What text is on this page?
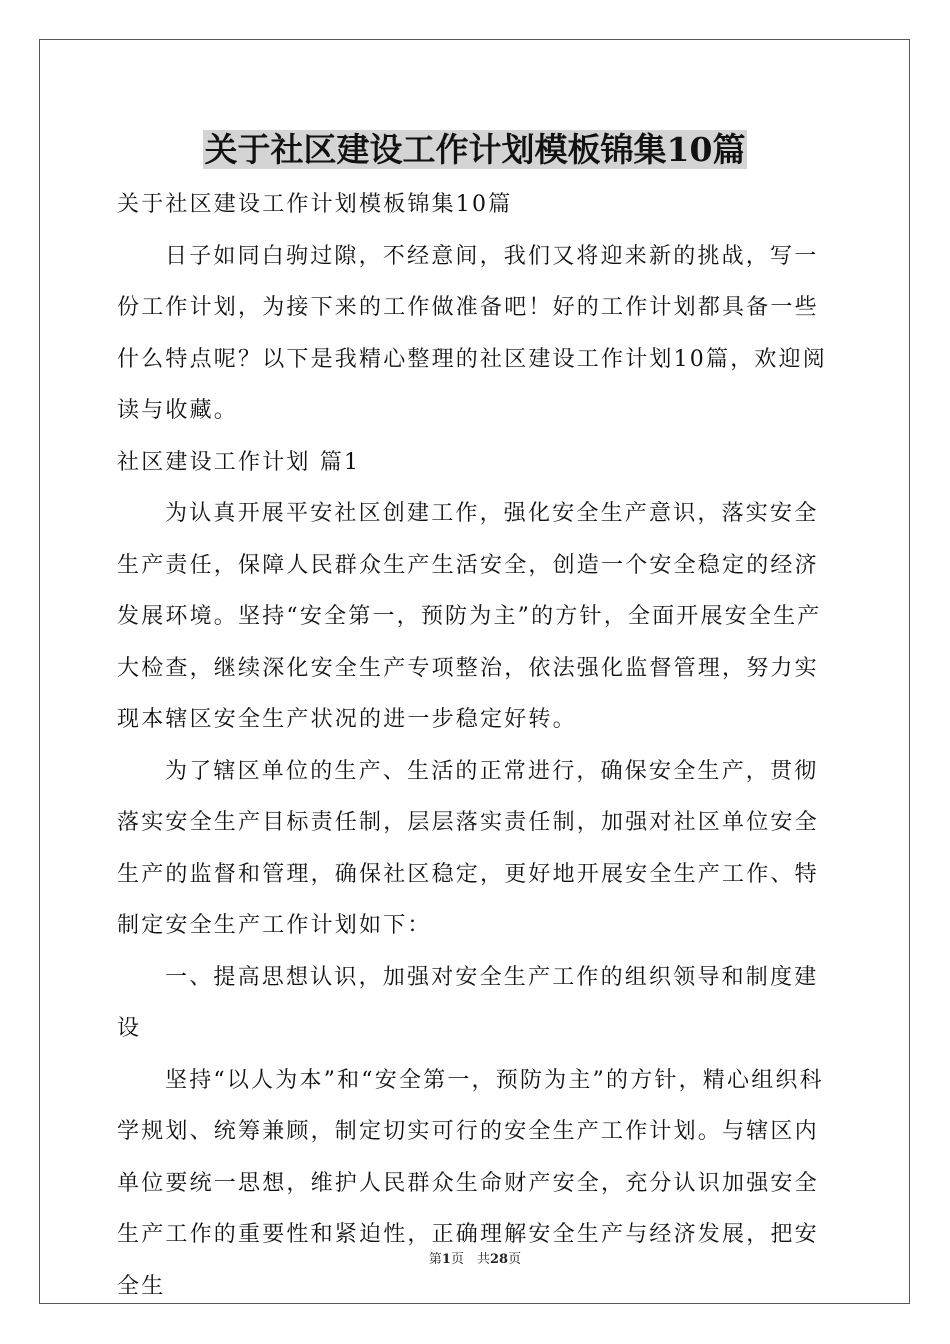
关于社区建设工作计划模板锦集10篇

关于社区建设工作计划模板锦集10篇

日子如同白驹过隙，不经意间，我们又将迎来新的挑战，写一份工作计划，为接下来的工作做准备吧！好的工作计划都具备一些什么特点呢？以下是我精心整理的社区建设工作计划10篇，欢迎阅读与收藏。

社区建设工作计划 篇1

为认真开展平安社区创建工作，强化安全生产意识，落实安全生产责任，保障人民群众生产生活安全，创造一个安全稳定的经济发展环境。坚持“安全第一，预防为主”的方针，全面开展安全生产大检查，继续深化安全生产专项整治，依法强化监督管理，努力实现本辖区安全生产状况的进一步稳定好转。

为了辖区单位的生产、生活的正常进行，确保安全生产，贯彻落实安全生产目标责任制，层层落实责任制，加强对社区单位安全生产的监督和管理，确保社区稳定，更好地开展安全生产工作、特制定安全生产工作计划如下：

一、提高思想认识，加强对安全生产工作的组织领导和制度建设

坚持“以人为本”和“安全第一，预防为主”的方针，精心组织科学规划、统筹兼顾，制定切实可行的安全生产工作计划。与辖区内单位要统一思想，维护人民群众生命财产安全，充分认识加强安全生产工作的重要性和紧迫性，正确理解安全生产与经济发展，把安全生

第1页　共28页
